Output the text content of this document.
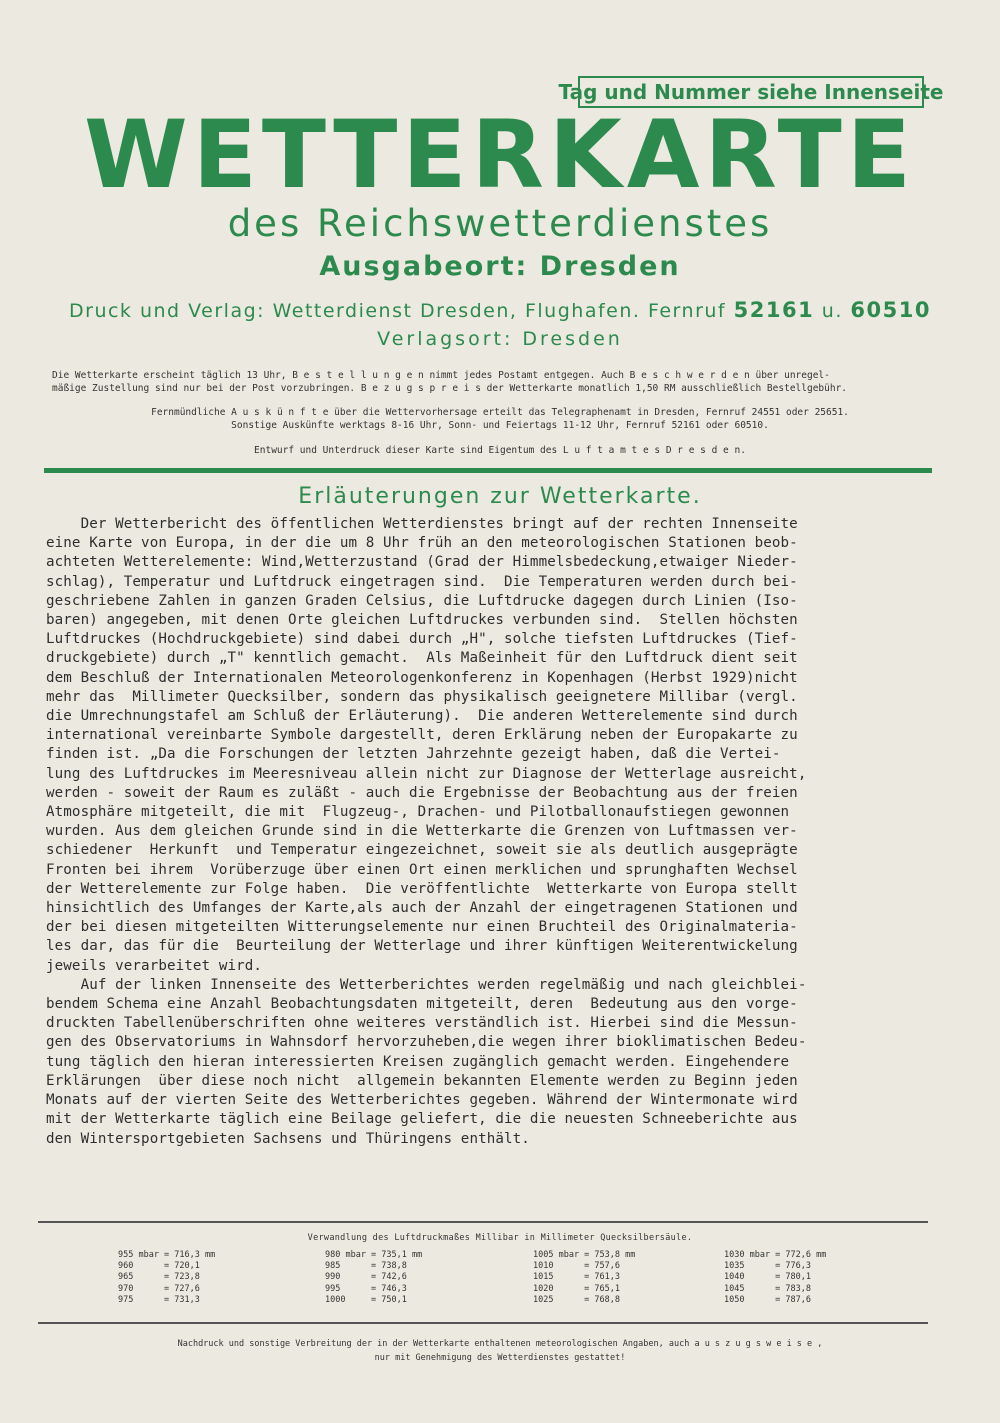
Tag und Nummer siehe Innenseite
WETTERKARTE
des Reichswetterdienstes
Ausgabeort: Dresden
Druck und Verlag: Wetterdienst Dresden, Flughafen. Fernruf 52161 u. 60510
Verlagsort: Dresden
Die Wetterkarte erscheint täglich 13 Uhr, B e s t e l l u n g e n nimmt jedes Postamt entgegen. Auch B e s c h w e r d e n über unregel-
mäßige Zustellung sind nur bei der Post vorzubringen. B e z u g s p r e i s der Wetterkarte monatlich 1,50 RM ausschließlich Bestellgebühr.
Fernmündliche A u s k ü n f t e über die Wettervorhersage erteilt das Telegraphenamt in Dresden, Fernruf 24551 oder 25651.
Sonstige Auskünfte werktags 8-16 Uhr, Sonn- und Feiertags 11-12 Uhr, Fernruf 52161 oder 60510.
Entwurf und Unterdruck dieser Karte sind Eigentum des L u f t a m t e s D r e s d e n.
Erläuterungen zur Wetterkarte.
Der Wetterbericht des öffentlichen Wetterdienstes bringt auf der rechten Innenseite
eine Karte von Europa, in der die um 8 Uhr früh an den meteorologischen Stationen beob-
achteten Wetterelemente: Wind,Wetterzustand (Grad der Himmelsbedeckung,etwaiger Nieder-
schlag), Temperatur und Luftdruck eingetragen sind.  Die Temperaturen werden durch bei-
geschriebene Zahlen in ganzen Graden Celsius, die Luftdrucke dagegen durch Linien (Iso-
baren) angegeben, mit denen Orte gleichen Luftdruckes verbunden sind.  Stellen höchsten
Luftdruckes (Hochdruckgebiete) sind dabei durch „H", solche tiefsten Luftdruckes (Tief-
druckgebiete) durch „T" kenntlich gemacht.  Als Maßeinheit für den Luftdruck dient seit
dem Beschluß der Internationalen Meteorologenkonferenz in Kopenhagen (Herbst 1929)nicht
mehr das  Millimeter Quecksilber, sondern das physikalisch geeignetere Millibar (vergl.
die Umrechnungstafel am Schluß der Erläuterung).  Die anderen Wetterelemente sind durch
international vereinbarte Symbole dargestellt, deren Erklärung neben der Europakarte zu
finden ist. „Da die Forschungen der letzten Jahrzehnte gezeigt haben, daß die Vertei-
lung des Luftdruckes im Meeresniveau allein nicht zur Diagnose der Wetterlage ausreicht,
werden - soweit der Raum es zuläßt - auch die Ergebnisse der Beobachtung aus der freien
Atmosphäre mitgeteilt, die mit  Flugzeug-, Drachen- und Pilotballonaufstiegen gewonnen
wurden. Aus dem gleichen Grunde sind in die Wetterkarte die Grenzen von Luftmassen ver-
schiedener  Herkunft  und Temperatur eingezeichnet, soweit sie als deutlich ausgeprägte
Fronten bei ihrem  Vorüberzuge über einen Ort einen merklichen und sprunghaften Wechsel
der Wetterelemente zur Folge haben.  Die veröffentlichte  Wetterkarte von Europa stellt
hinsichtlich des Umfanges der Karte,als auch der Anzahl der eingetragenen Stationen und
der bei diesen mitgeteilten Witterungselemente nur einen Bruchteil des Originalmateria-
les dar, das für die  Beurteilung der Wetterlage und ihrer künftigen Weiterentwickelung
jeweils verarbeitet wird.
Auf der linken Innenseite des Wetterberichtes werden regelmäßig und nach gleichblei-
bendem Schema eine Anzahl Beobachtungsdaten mitgeteilt, deren  Bedeutung aus den vorge-
druckten Tabellenüberschriften ohne weiteres verständlich ist. Hierbei sind die Messun-
gen des Observatoriums in Wahnsdorf hervorzuheben,die wegen ihrer bioklimatischen Bedeu-
tung täglich den hieran interessierten Kreisen zugänglich gemacht werden. Eingehendere
Erklärungen  über diese noch nicht  allgemein bekannten Elemente werden zu Beginn jeden
Monats auf der vierten Seite des Wetterberichtes gegeben. Während der Wintermonate wird
mit der Wetterkarte täglich eine Beilage geliefert, die die neuesten Schneeberichte aus
den Wintersportgebieten Sachsens und Thüringens enthält.
Verwandlung des Luftdruckmaßes Millibar in Millimeter Quecksilbersäule.
955 mbar = 716,3 mm
960      = 720,1
965      = 723,8
970      = 727,6
975      = 731,3
980 mbar = 735,1 mm
985      = 738,8
990      = 742,6
995      = 746,3
1000     = 750,1
1005 mbar = 753,8 mm
1010      = 757,6
1015      = 761,3
1020      = 765,1
1025      = 768,8
1030 mbar = 772,6 mm
1035      = 776,3
1040      = 780,1
1045      = 783,8
1050      = 787,6
Nachdruck und sonstige Verbreitung der in der Wetterkarte enthaltenen meteorologischen Angaben, auch a u s z u g s w e i s e ,
nur mit Genehmigung des Wetterdienstes gestattet!
